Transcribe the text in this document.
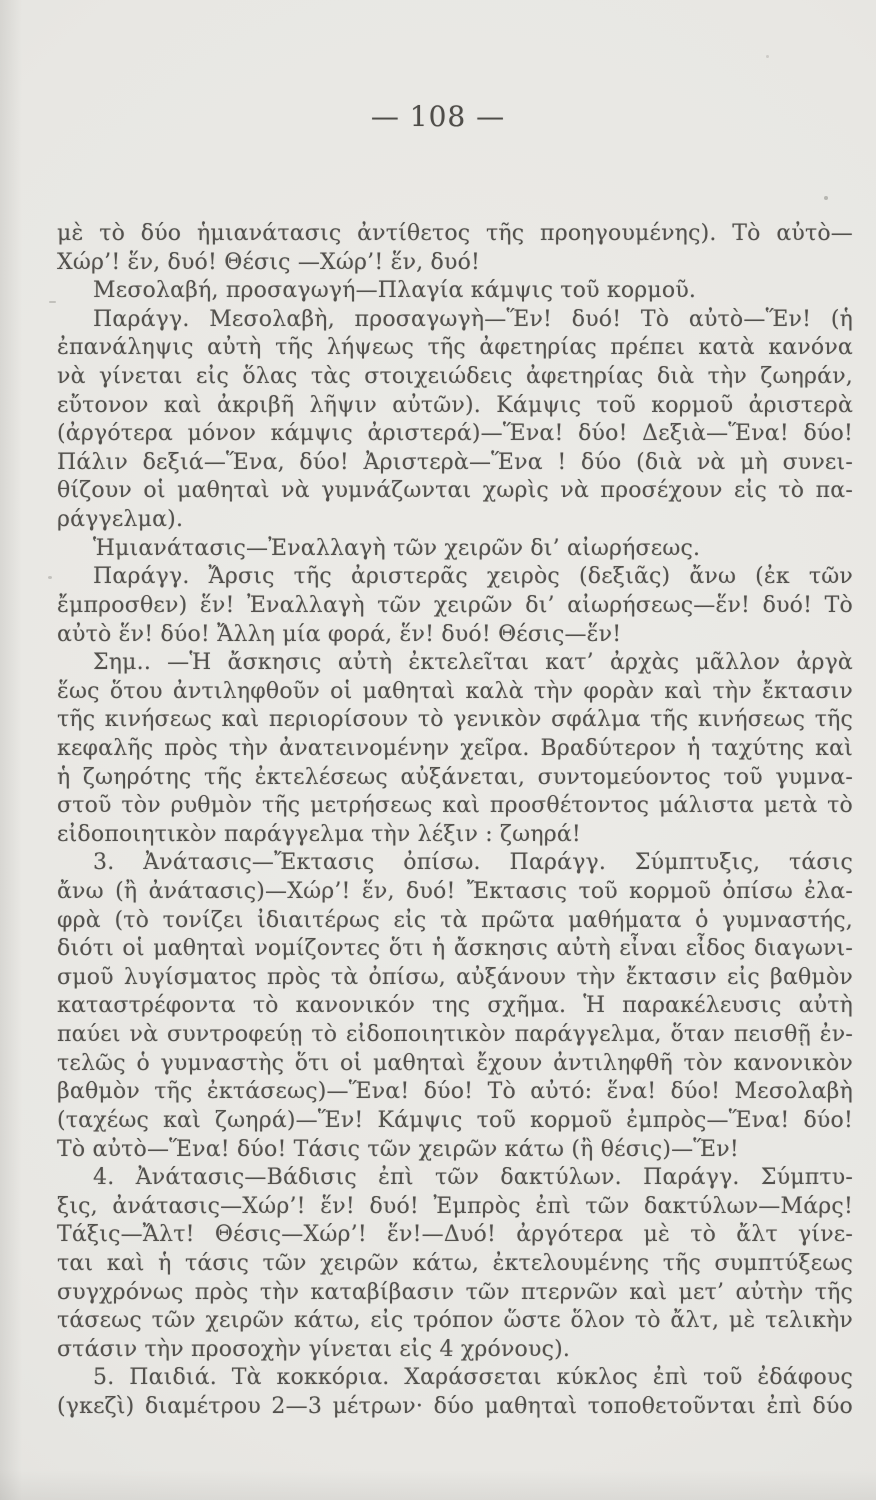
— 108 —
μὲ τὸ δύο ἡμιανάτασις ἀντίθετος τῆς προηγουμένης). Τὸ αὐτὸ—
Χώρ’! ἕν, δυό! Θέσις —Χώρ’! ἕν, δυό!
Μεσολαβή, προσαγωγή—Πλαγία κάμψις τοῦ κορμοῦ.
Παράγγ. Μεσολαβὴ, προσαγωγὴ—Ἕν! δυό! Τὸ αὐτὸ—Ἕν! (ἡ
ἐπανάληψις αὐτὴ τῆς λήψεως τῆς ἀφετηρίας πρέπει κατὰ κανόνα
νὰ γίνεται εἰς ὅλας τὰς στοιχειώδεις ἀφετηρίας διὰ τὴν ζωηράν,
εὔτονον καὶ ἀκριβῆ λῆψιν αὐτῶν). Κάμψις τοῦ κορμοῦ ἀριστερὰ
(ἀργότερα μόνον κάμψις ἀριστερά)—Ἕνα! δύο! Δεξιὰ—Ἕνα! δύο!
Πάλιν δεξιά—Ἕνα, δύο! Ἀριστερὰ—Ἕνα ! δύο (διὰ νὰ μὴ συνει-
θίζουν οἱ μαθηταὶ νὰ γυμνάζωνται χωρὶς νὰ προσέχουν εἰς τὸ πα-
ράγγελμα).
Ἡμιανάτασις—Ἐναλλαγὴ τῶν χειρῶν δι’ αἰωρήσεως.
Παράγγ. Ἄρσις τῆς ἀριστερᾶς χειρὸς (δεξιᾶς) ἄνω (ἐκ τῶν
ἔμπροσθεν) ἕν! Ἐναλλαγὴ τῶν χειρῶν δι’ αἰωρήσεως—ἕν! δυό! Τὸ
αὐτὸ ἕν! δύο! Ἄλλη μία φορά, ἕν! δυό! Θέσις—ἕν!
Σημ.. —Ἡ ἄσκησις αὐτὴ ἐκτελεῖται κατ’ ἀρχὰς μᾶλλον ἀργὰ
ἕως ὅτου ἀντιληφθοῦν οἱ μαθηταὶ καλὰ τὴν φορὰν καὶ τὴν ἔκτασιν
τῆς κινήσεως καὶ περιορίσουν τὸ γενικὸν σφάλμα τῆς κινήσεως τῆς
κεφαλῆς πρὸς τὴν ἀνατεινομένην χεῖρα. Βραδύτερον ἡ ταχύτης καὶ
ἡ ζωηρότης τῆς ἐκτελέσεως αὐξάνεται, συντομεύοντος τοῦ γυμνα-
στοῦ τὸν ρυθμὸν τῆς μετρήσεως καὶ προσθέτοντος μάλιστα μετὰ τὸ
εἰδοποιητικὸν παράγγελμα τὴν λέξιν : ζωηρά!
3. Ἀνάτασις—Ἔκτασις ὀπίσω. Παράγγ. Σύμπτυξις, τάσις
ἄνω (ἢ ἀνάτασις)—Χώρ’! ἕν, δυό! Ἔκτασις τοῦ κορμοῦ ὀπίσω ἐλα-
φρὰ (τὸ τονίζει ἰδιαιτέρως εἰς τὰ πρῶτα μαθήματα ὁ γυμναστής,
διότι οἱ μαθηταὶ νομίζοντες ὅτι ἡ ἄσκησις αὐτὴ εἶναι εἶδος διαγωνι-
σμοῦ λυγίσματος πρὸς τὰ ὀπίσω, αὐξάνουν τὴν ἔκτασιν εἰς βαθμὸν
καταστρέφοντα τὸ κανονικόν της σχῆμα. Ἡ παρακέλευσις αὐτὴ
παύει νὰ συντροφεύῃ τὸ εἰδοποιητικὸν παράγγελμα, ὅταν πεισθῇ ἐν-
τελῶς ὁ γυμναστὴς ὅτι οἱ μαθηταὶ ἔχουν ἀντιληφθῆ τὸν κανονικὸν
βαθμὸν τῆς ἐκτάσεως)—Ἕνα! δύο! Τὸ αὐτό: ἕνα! δύο! Μεσολαβὴ
(ταχέως καὶ ζωηρά)—Ἕν! Κάμψις τοῦ κορμοῦ ἐμπρὸς—Ἕνα! δύο!
Τὸ αὐτὸ—Ἕνα! δύο! Τάσις τῶν χειρῶν κάτω (ἢ θέσις)—Ἕν!
4. Ἀνάτασις—Βάδισις ἐπὶ τῶν δακτύλων. Παράγγ. Σύμπτυ-
ξις, ἀνάτασις—Χώρ’! ἕν! δυό! Ἐμπρὸς ἐπὶ τῶν δακτύλων—Μάρς!
Τάξις—Ἄλτ! Θέσις—Χώρ’! ἕν!—Δυό! ἀργότερα μὲ τὸ ἄλτ γίνε-
ται καὶ ἡ τάσις τῶν χειρῶν κάτω, ἐκτελουμένης τῆς συμπτύξεως
συγχρόνως πρὸς τὴν καταβίβασιν τῶν πτερνῶν καὶ μετ’ αὐτὴν τῆς
τάσεως τῶν χειρῶν κάτω, εἰς τρόπον ὥστε ὅλον τὸ ἄλτ, μὲ τελικὴν
στάσιν τὴν προσοχὴν γίνεται εἰς 4 χρόνους).
5. Παιδιά. Τὰ κοκκόρια. Χαράσσεται κύκλος ἐπὶ τοῦ ἐδάφους
(γκεζὶ) διαμέτρου 2—3 μέτρων· δύο μαθηταὶ τοποθετοῦνται ἐπὶ δύο
